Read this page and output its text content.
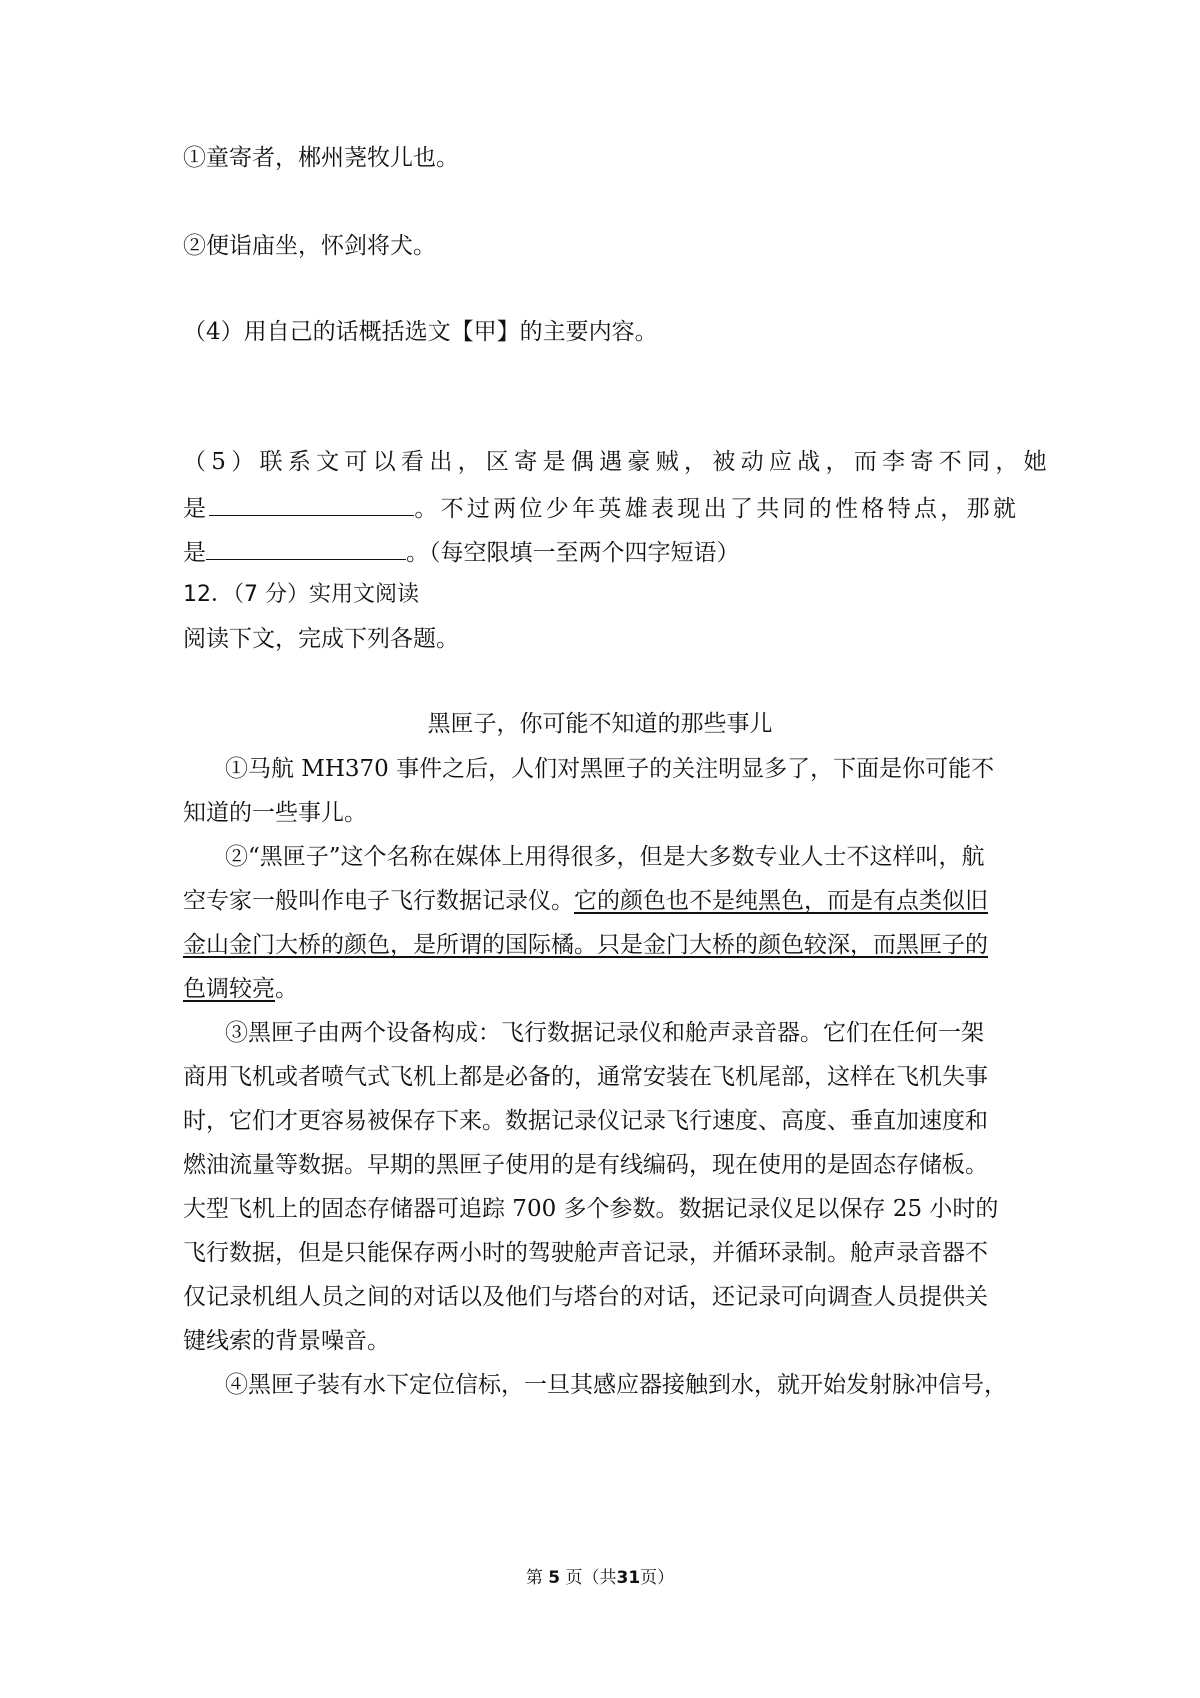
①童寄者，郴州荛牧儿也。
②便诣庙坐，怀剑将犬。
（4）用自己的话概括选文【甲】的主要内容。
（5）联系文可以看出，区寄是偶遇豪贼，被动应战，而李寄不同，她
是	。不过两位少年英雄表现出了共同的性格特点，那就
是	。（每空限填一至两个四字短语）
12．（7 分）实用文阅读
阅读下文，完成下列各题。
黑匣子，你可能不知道的那些事儿
①马航 MH370 事件之后，人们对黑匣子的关注明显多了，下面是你可能不
知道的一些事儿。
②“黑匣子”这个名称在媒体上用得很多，但是大多数专业人士不这样叫，航
空专家一般叫作电子飞行数据记录仪。它的颜色也不是纯黑色，而是有点类似旧
金山金门大桥的颜色，是所谓的国际橘。只是金门大桥的颜色较深，而黑匣子的
色调较亮。
③黑匣子由两个设备构成：飞行数据记录仪和舱声录音器。它们在任何一架
商用飞机或者喷气式飞机上都是必备的，通常安装在飞机尾部，这样在飞机失事
时，它们才更容易被保存下来。数据记录仪记录飞行速度、高度、垂直加速度和
燃油流量等数据。早期的黑匣子使用的是有线编码，现在使用的是固态存储板。
大型飞机上的固态存储器可追踪 700 多个参数。数据记录仪足以保存 25 小时的
飞行数据，但是只能保存两小时的驾驶舱声音记录，并循环录制。舱声录音器不
仅记录机组人员之间的对话以及他们与塔台的对话，还记录可向调查人员提供关
键线索的背景噪音。
④黑匣子装有水下定位信标，一旦其感应器接触到水，就开始发射脉冲信号，
第 5 页（共31页）
